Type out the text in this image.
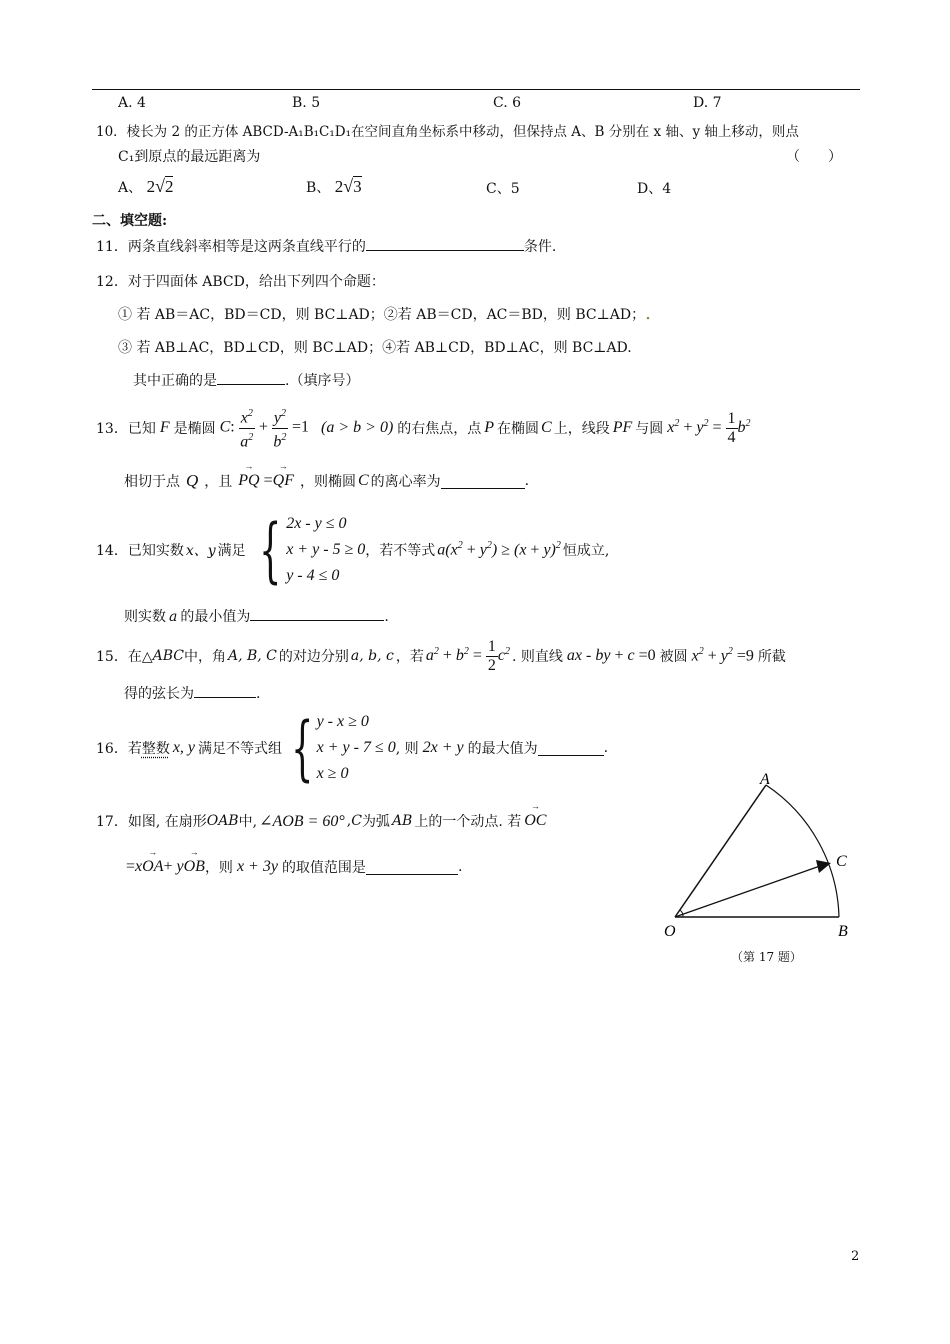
A. 4	B. 5	C. 6	D. 7
10．棱长为 2 的正方体 ABCD-A₁B₁C₁D₁在空间直角坐标系中移动，但保持点 A、B 分别在 x 轴、y 轴上移动，则点
C₁到原点的最远距离为	（　　）
A、 2√2	B、 2√3	C、5	D、4
二、填空题:
11．两条直线斜率相等是这两条直线平行的	条件.
12．对于四面体 ABCD，给出下列四个命题：
① 若 AB＝AC，BD＝CD，则 BC⊥AD；②若 AB＝CD，AC＝BD，则 BC⊥AD；.
③ 若 AB⊥AC，BD⊥CD，则 BC⊥AD；④若 AB⊥CD，BD⊥AC，则 BC⊥AD.
其中正确的是	.（填序号）
13．已知 F 是椭圆 C: $\frac{x^2}{a^2} + \frac{y^2}{b^2} =1$ (a > b > 0) 的右焦点，点 P 在椭圆 C 上，线段 PF 与圆 $x^2 + y^2 = \frac{1}{4} b^2$
相切于点 Q ，且 → PQ =→ QF ，则椭圆 C 的离心率为	.
14．已知实数 x、y 满足 { 2x - y ≤ 0
x + y - 5 ≥ 0
y - 4 ≤ 0
，若不等式 $a(x^2 + y^2) \ge (x + y)^2$ 恒成立,
则实数 a 的最小值为	.
15．在△ ABC 中，角 A, B, C 的对边分别 a, b, c ，若 $a^2 + b^2 = \frac{1}{2} c^2$ . 则直线 ax - by + c =0 被圆 $x^2 + y^2 =9$ 所截
得的弦长为	.
16．若 整数 x, y 满足不等式组 { y - x ≥ 0
x + y - 7 ≤ 0
x ≥ 0
, 则 2x + y 的最大值为	.
17．如图, 在扇形 OAB 中, ∠AOB = 60° , C 为弧 AB 上的一个动点. 若 → OC
=x→ OA+ y→ OB ，则 x + 3y 的取值范围是	.
A
C
O	B
（第 17 题）
2
